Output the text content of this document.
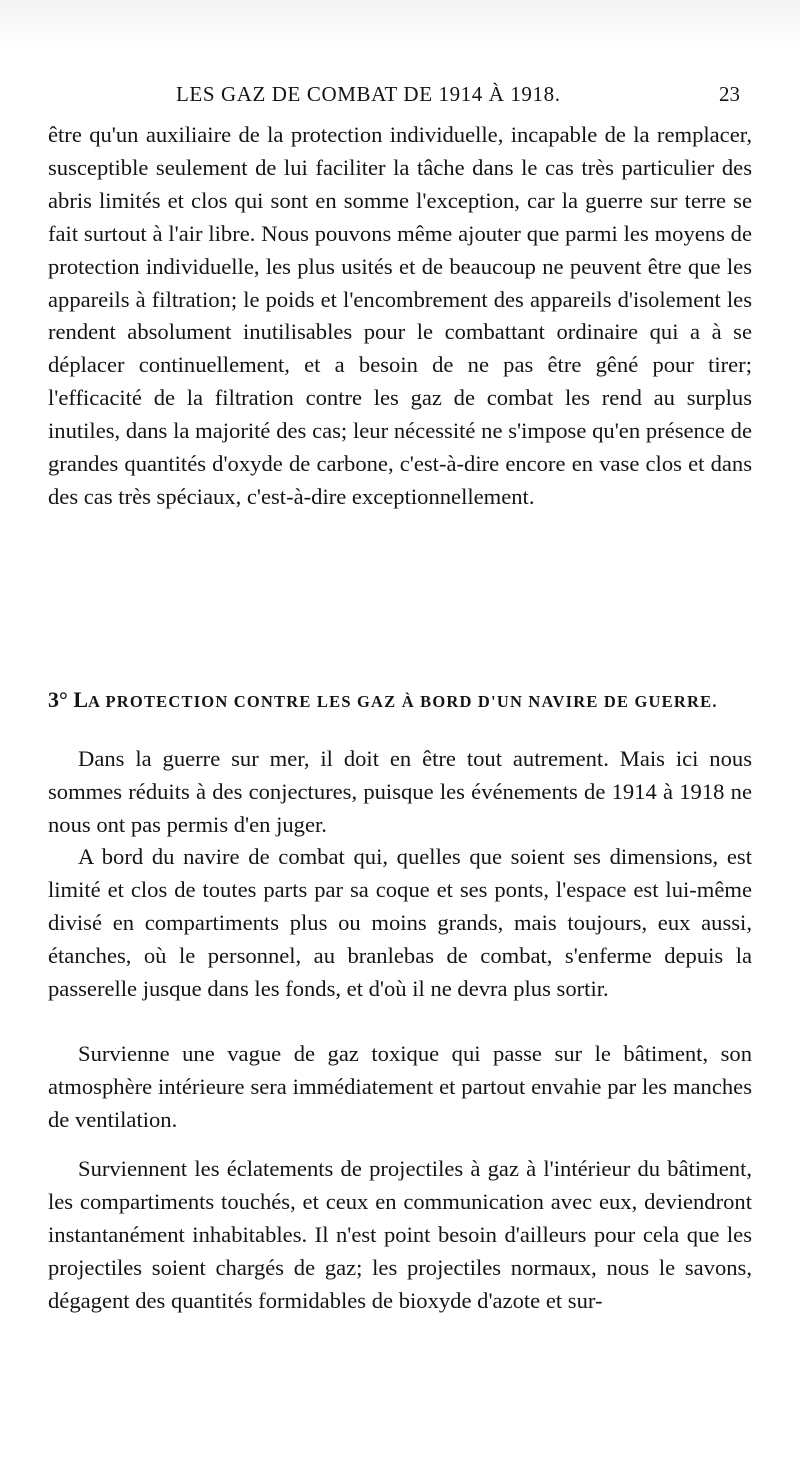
LES GAZ DE COMBAT DE 1914 À 1918.	23

être qu'un auxiliaire de la protection individuelle, incapable de la remplacer, susceptible seulement de lui faciliter la tâche dans le cas très particulier des abris limités et clos qui sont en somme l'exception, car la guerre sur terre se fait surtout à l'air libre. Nous pouvons même ajouter que parmi les moyens de protection individuelle, les plus usités et de beaucoup ne peuvent être que les appareils à filtration; le poids et l'encombrement des appareils d'isolement les rendent absolument inutilisables pour le combattant ordinaire qui a à se déplacer continuellement, et a besoin de ne pas être gêné pour tirer; l'efficacité de la filtration contre les gaz de combat les rend au surplus inutiles, dans la majorité des cas; leur nécessité ne s'impose qu'en présence de grandes quantités d'oxyde de carbone, c'est-à-dire encore en vase clos et dans des cas très spéciaux, c'est-à-dire exceptionnellement.

3° LA PROTECTION CONTRE LES GAZ À BORD D'UN NAVIRE DE GUERRE.

Dans la guerre sur mer, il doit en être tout autrement. Mais ici nous sommes réduits à des conjectures, puisque les événements de 1914 à 1918 ne nous ont pas permis d'en juger.

A bord du navire de combat qui, quelles que soient ses dimensions, est limité et clos de toutes parts par sa coque et ses ponts, l'espace est lui-même divisé en compartiments plus ou moins grands, mais toujours, eux aussi, étanches, où le personnel, au branlebas de combat, s'enferme depuis la passerelle jusque dans les fonds, et d'où il ne devra plus sortir.

Survienne une vague de gaz toxique qui passe sur le bâtiment, son atmosphère intérieure sera immédiatement et partout envahie par les manches de ventilation.

Surviennent les éclatements de projectiles à gaz à l'intérieur du bâtiment, les compartiments touchés, et ceux en communication avec eux, deviendront instantanément inhabitables. Il n'est point besoin d'ailleurs pour cela que les projectiles soient chargés de gaz; les projectiles normaux, nous le savons, dégagent des quantités formidables de bioxyde d'azote et sur-
